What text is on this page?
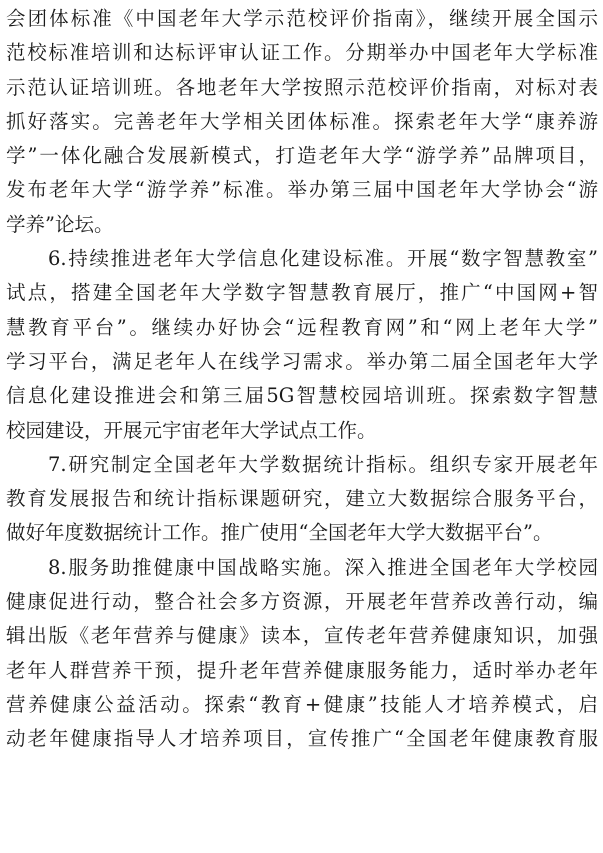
会团体标准《中国老年大学示范校评价指南》，继续开展全国示
范校标准培训和达标评审认证工作。分期举办中国老年大学标准
示范认证培训班。各地老年大学按照示范校评价指南，对标对表
抓好落实。完善老年大学相关团体标准。探索老年大学“康养游
学”一体化融合发展新模式，打造老年大学“游学养”品牌项目，
发布老年大学“游学养”标准。举办第三届中国老年大学协会“游
学养”论坛。
6.持续推进老年大学信息化建设标准。开展“数字智慧教室”
试点，搭建全国老年大学数字智慧教育展厅，推广“中国网+智
慧教育平台”。继续办好协会“远程教育网”和“网上老年大学”
学习平台，满足老年人在线学习需求。举办第二届全国老年大学
信息化建设推进会和第三届5G智慧校园培训班。探索数字智慧
校园建设，开展元宇宙老年大学试点工作。
7.研究制定全国老年大学数据统计指标。组织专家开展老年
教育发展报告和统计指标课题研究，建立大数据综合服务平台，
做好年度数据统计工作。推广使用“全国老年大学大数据平台”。
8.服务助推健康中国战略实施。深入推进全国老年大学校园
健康促进行动，整合社会多方资源，开展老年营养改善行动，编
辑出版《老年营养与健康》读本，宣传老年营养健康知识，加强
老年人群营养干预，提升老年营养健康服务能力，适时举办老年
营养健康公益活动。探索“教育+健康”技能人才培养模式，启
动老年健康指导人才培养项目，宣传推广“全国老年健康教育服
